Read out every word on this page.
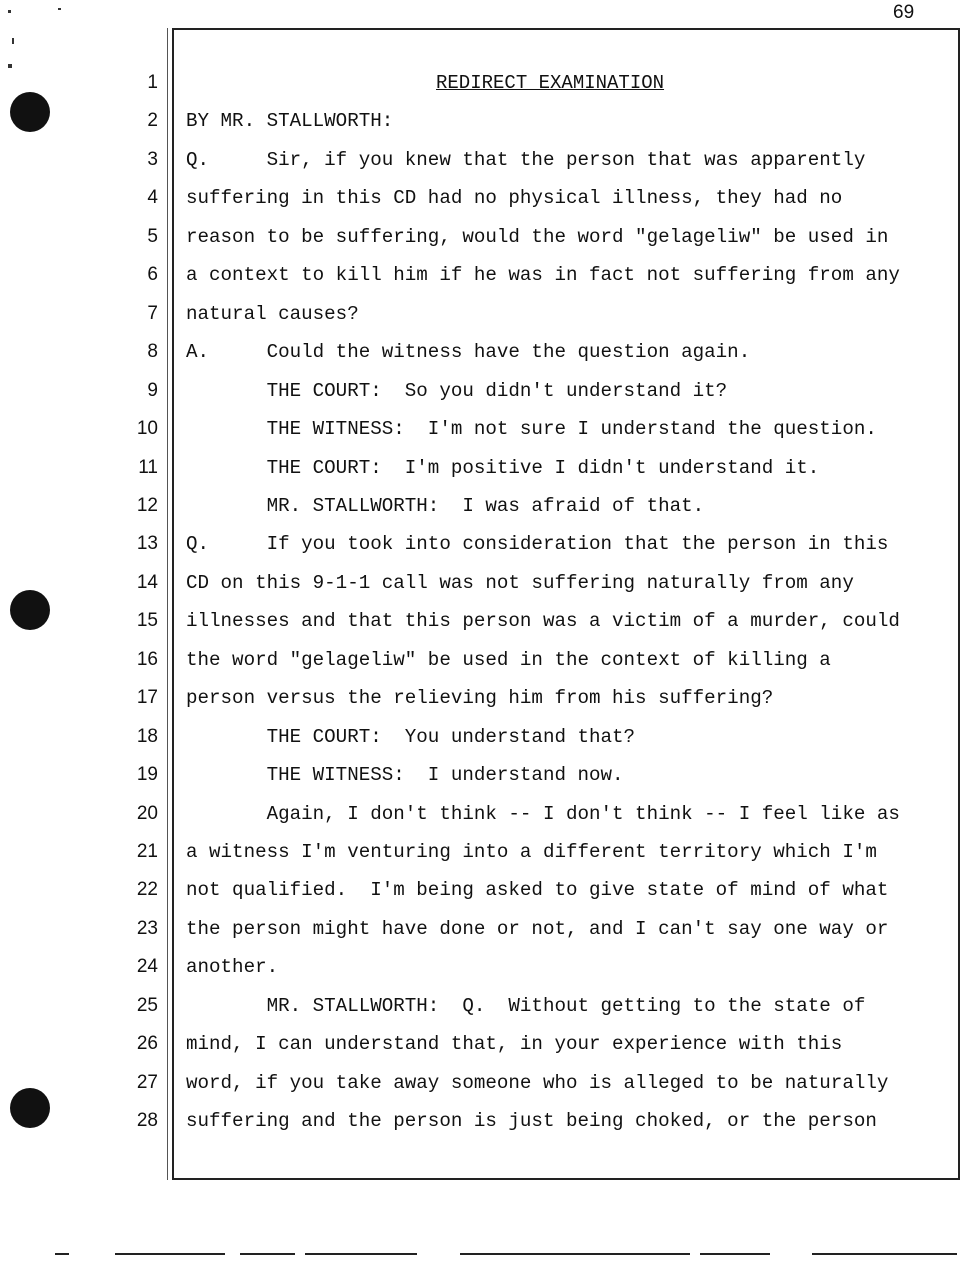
69
1	REDIRECT EXAMINATION
2 BY MR. STALLWORTH:
3 Q.     Sir, if you knew that the person that was apparently
4 suffering in this CD had no physical illness, they had no
5 reason to be suffering, would the word "gelageliw" be used in
6 a context to kill him if he was in fact not suffering from any
7 natural causes?
8 A.     Could the witness have the question again.
9 THE COURT:  So you didn't understand it?
10 THE WITNESS:  I'm not sure I understand the question.
11 THE COURT:  I'm positive I didn't understand it.
12 MR. STALLWORTH:  I was afraid of that.
13 Q.     If you took into consideration that the person in this
14 CD on this 9-1-1 call was not suffering naturally from any
15 illnesses and that this person was a victim of a murder, could
16 the word "gelageliw" be used in the context of killing a
17 person versus the relieving him from his suffering?
18 THE COURT:  You understand that?
19 THE WITNESS:  I understand now.
20 Again, I don't think -- I don't think -- I feel like as
21 a witness I'm venturing into a different territory which I'm
22 not qualified.  I'm being asked to give state of mind of what
23 the person might have done or not, and I can't say one way or
24 another.
25 MR. STALLWORTH:  Q.  Without getting to the state of
26 mind, I can understand that, in your experience with this
27 word, if you take away someone who is alleged to be naturally
28 suffering and the person is just being choked, or the person
